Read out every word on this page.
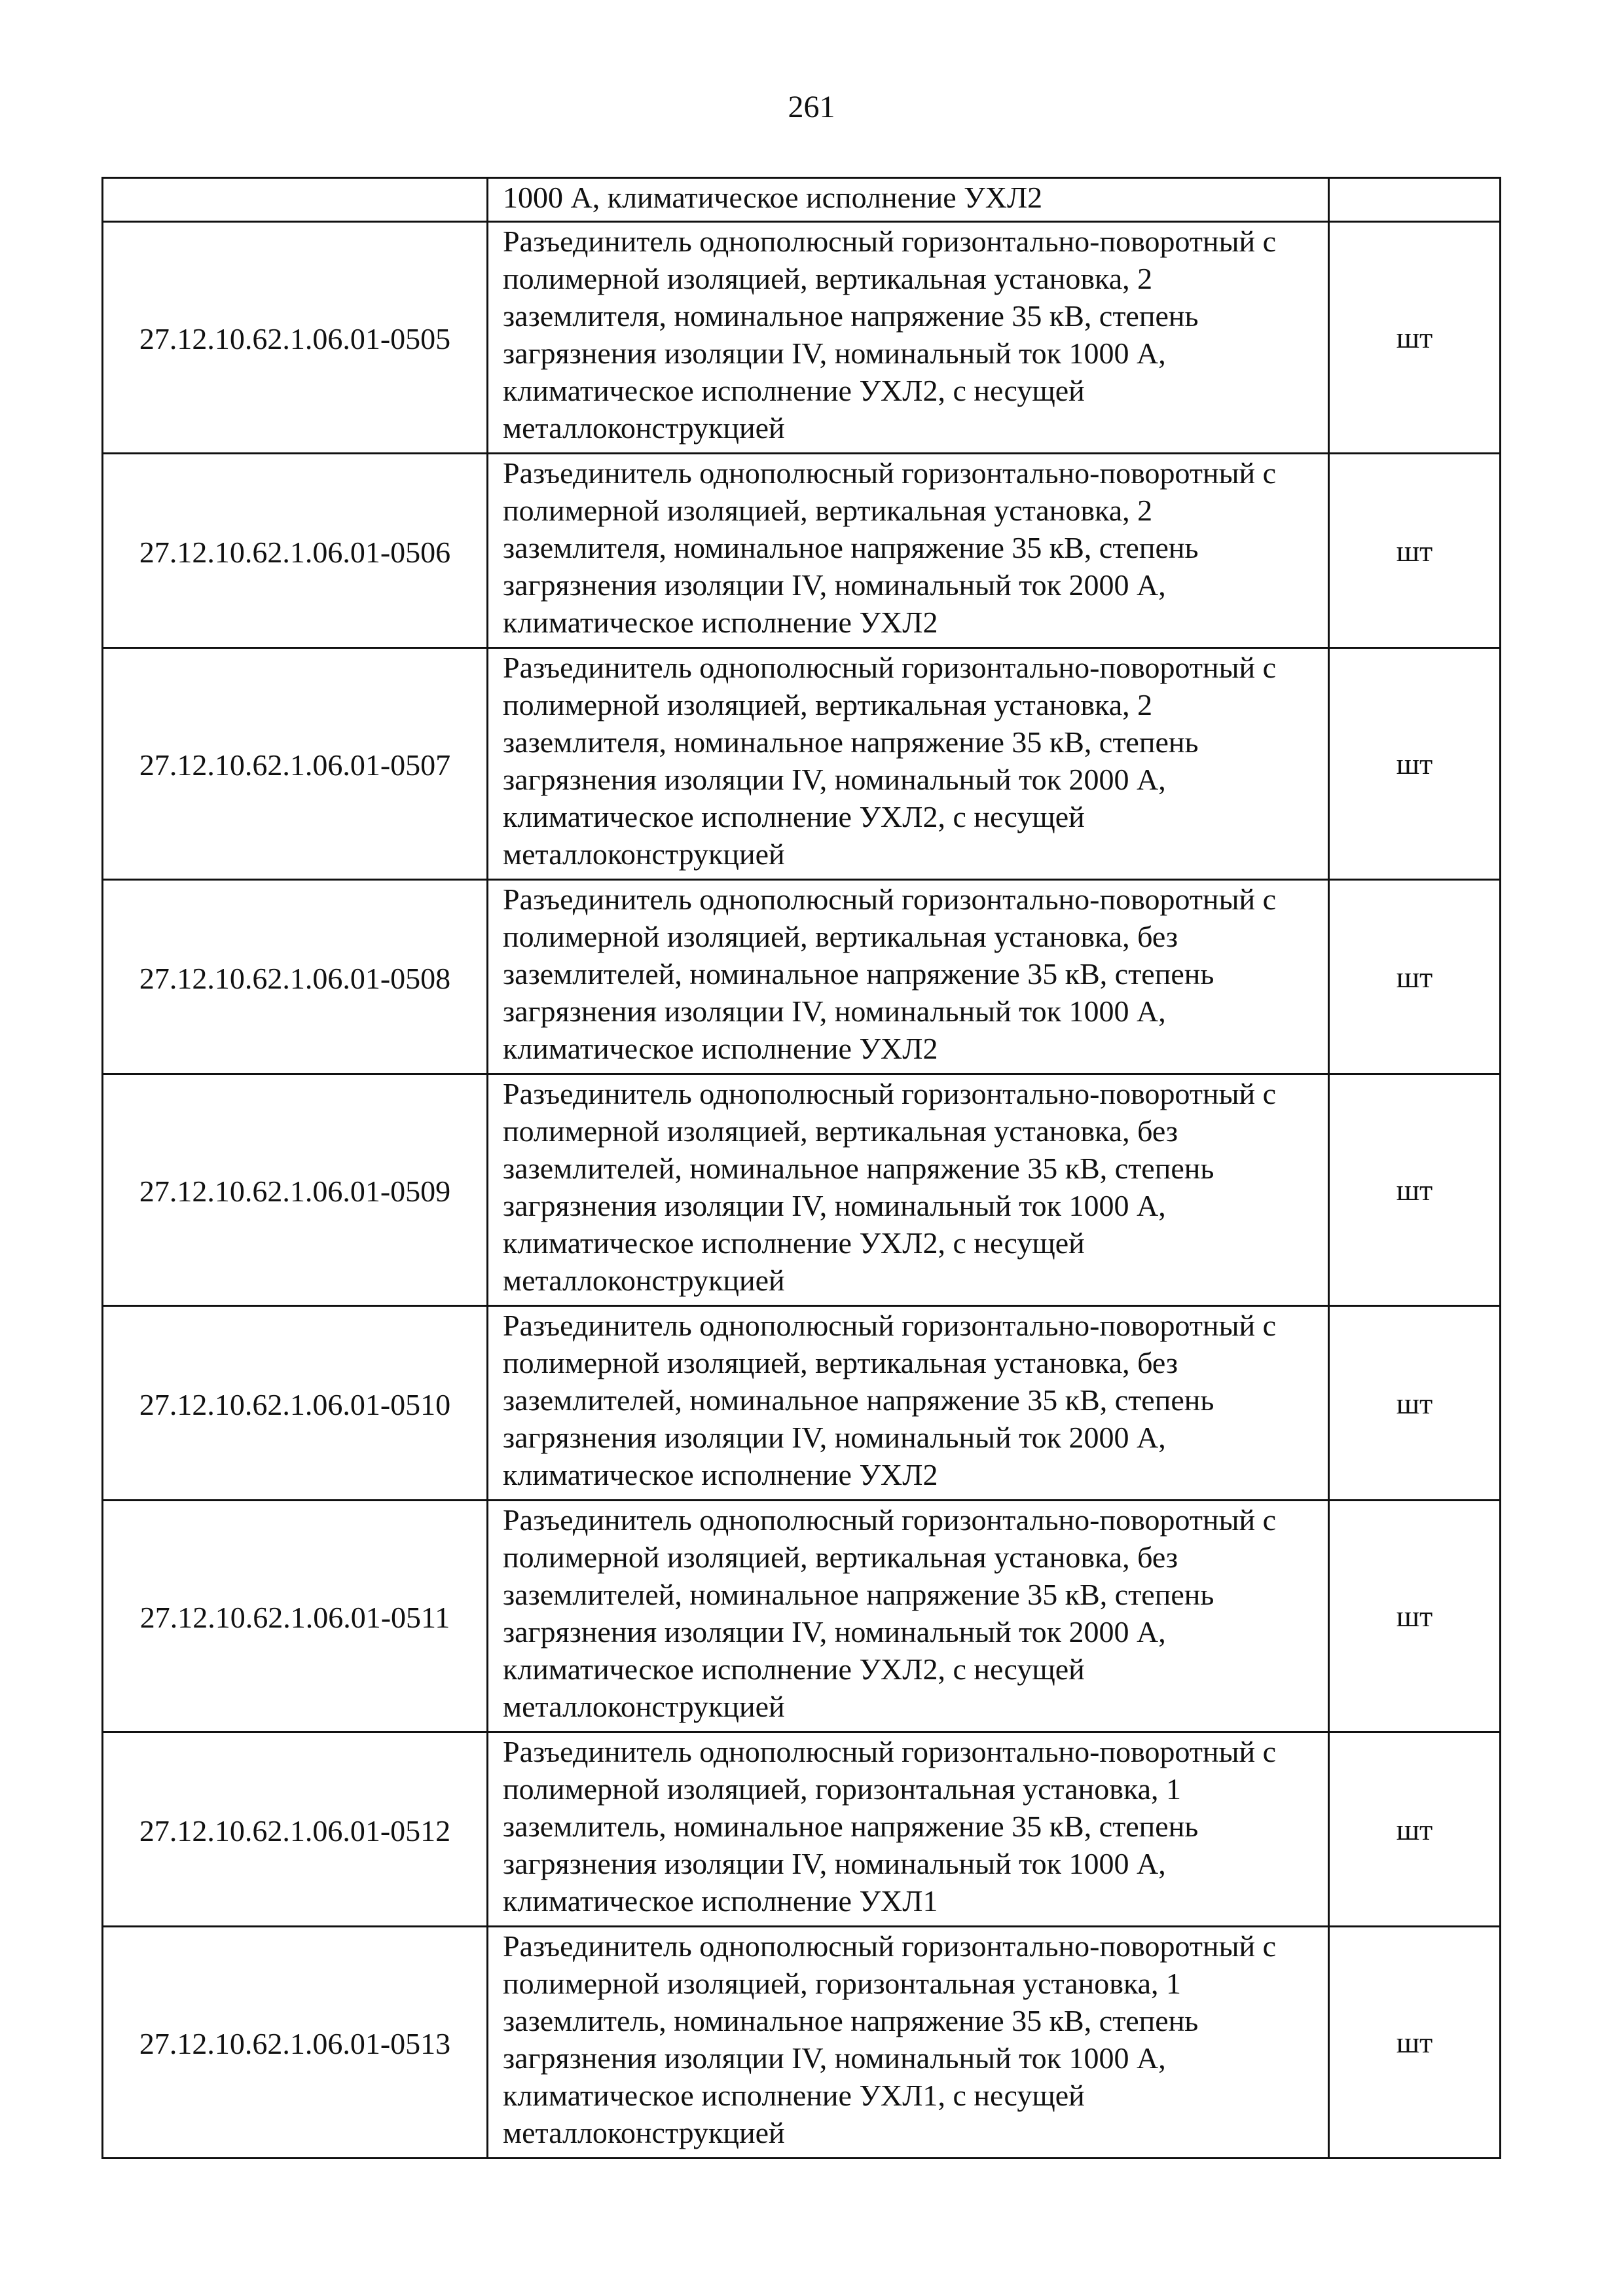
261
	1000 А, климатическое исполнение УХЛ2	
27.12.10.62.1.06.01-0505	Разъединитель однополюсный горизонтально-поворотный с полимерной изоляцией, вертикальная установка, 2 заземлителя, номинальное напряжение 35 кВ, степень загрязнения изоляции IV, номинальный ток 1000 А, климатическое исполнение УХЛ2, с несущей металлоконструкцией	шт
27.12.10.62.1.06.01-0506	Разъединитель однополюсный горизонтально-поворотный с полимерной изоляцией, вертикальная установка, 2 заземлителя, номинальное напряжение 35 кВ, степень загрязнения изоляции IV, номинальный ток 2000 А, климатическое исполнение УХЛ2	шт
27.12.10.62.1.06.01-0507	Разъединитель однополюсный горизонтально-поворотный с полимерной изоляцией, вертикальная установка, 2 заземлителя, номинальное напряжение 35 кВ, степень загрязнения изоляции IV, номинальный ток 2000 А, климатическое исполнение УХЛ2, с несущей металлоконструкцией	шт
27.12.10.62.1.06.01-0508	Разъединитель однополюсный горизонтально-поворотный с полимерной изоляцией, вертикальная установка, без заземлителей, номинальное напряжение 35 кВ, степень загрязнения изоляции IV, номинальный ток 1000 А, климатическое исполнение УХЛ2	шт
27.12.10.62.1.06.01-0509	Разъединитель однополюсный горизонтально-поворотный с полимерной изоляцией, вертикальная установка, без заземлителей, номинальное напряжение 35 кВ, степень загрязнения изоляции IV, номинальный ток 1000 А, климатическое исполнение УХЛ2, с несущей металлоконструкцией	шт
27.12.10.62.1.06.01-0510	Разъединитель однополюсный горизонтально-поворотный с полимерной изоляцией, вертикальная установка, без заземлителей, номинальное напряжение 35 кВ, степень загрязнения изоляции IV, номинальный ток 2000 А, климатическое исполнение УХЛ2	шт
27.12.10.62.1.06.01-0511	Разъединитель однополюсный горизонтально-поворотный с полимерной изоляцией, вертикальная установка, без заземлителей, номинальное напряжение 35 кВ, степень загрязнения изоляции IV, номинальный ток 2000 А, климатическое исполнение УХЛ2, с несущей металлоконструкцией	шт
27.12.10.62.1.06.01-0512	Разъединитель однополюсный горизонтально-поворотный с полимерной изоляцией, горизонтальная установка, 1 заземлитель, номинальное напряжение 35 кВ, степень загрязнения изоляции IV, номинальный ток 1000 А, климатическое исполнение УХЛ1	шт
27.12.10.62.1.06.01-0513	Разъединитель однополюсный горизонтально-поворотный с полимерной изоляцией, горизонтальная установка, 1 заземлитель, номинальное напряжение 35 кВ, степень загрязнения изоляции IV, номинальный ток 1000 А, климатическое исполнение УХЛ1, с несущей металлоконструкцией	шт
